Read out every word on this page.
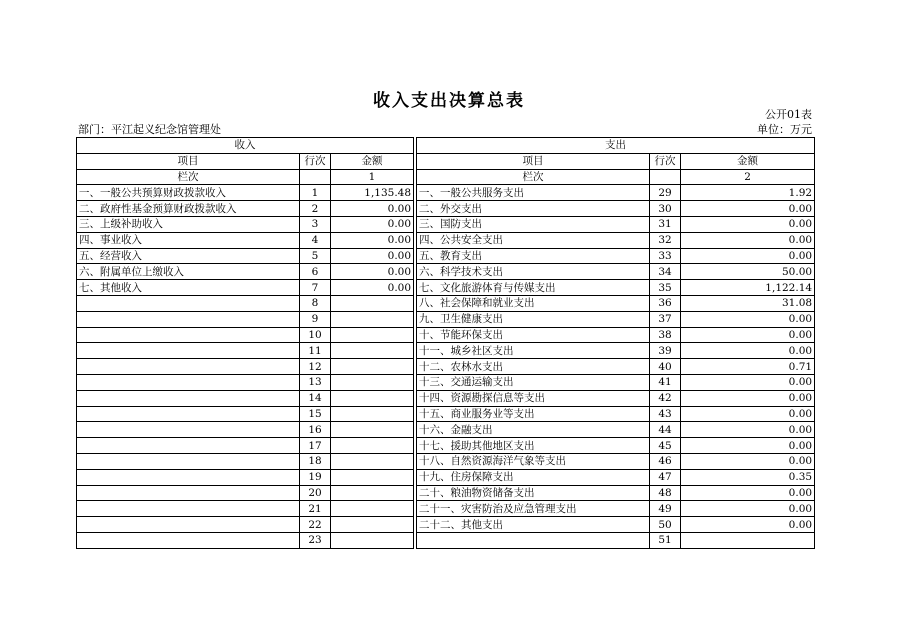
收入支出决算总表
公开01表
部门：平江起义纪念馆管理处	单位：万元
收入				支出		
项目	行次	金额		项目	行次	金额
栏次		1		栏次		2
一、一般公共预算财政拨款收入	1	1,135.48		一、一般公共服务支出	29	1.92
二、政府性基金预算财政拨款收入	2	0.00		二、外交支出	30	0.00
三、上级补助收入	3	0.00		三、国防支出	31	0.00
四、事业收入	4	0.00		四、公共安全支出	32	0.00
五、经营收入	5	0.00		五、教育支出	33	0.00
六、附属单位上缴收入	6	0.00		六、科学技术支出	34	50.00
七、其他收入	7	0.00		七、文化旅游体育与传媒支出	35	1,122.14
	8			八、社会保障和就业支出	36	31.08
	9			九、卫生健康支出	37	0.00
	10			十、节能环保支出	38	0.00
	11			十一、城乡社区支出	39	0.00
	12			十二、农林水支出	40	0.71
	13			十三、交通运输支出	41	0.00
	14			十四、资源勘探信息等支出	42	0.00
	15			十五、商业服务业等支出	43	0.00
	16			十六、金融支出	44	0.00
	17			十七、援助其他地区支出	45	0.00
	18			十八、自然资源海洋气象等支出	46	0.00
	19			十九、住房保障支出	47	0.35
	20			二十、粮油物资储备支出	48	0.00
	21			二十一、灾害防治及应急管理支出	49	0.00
	22			二十二、其他支出	50	0.00
	23				51	
